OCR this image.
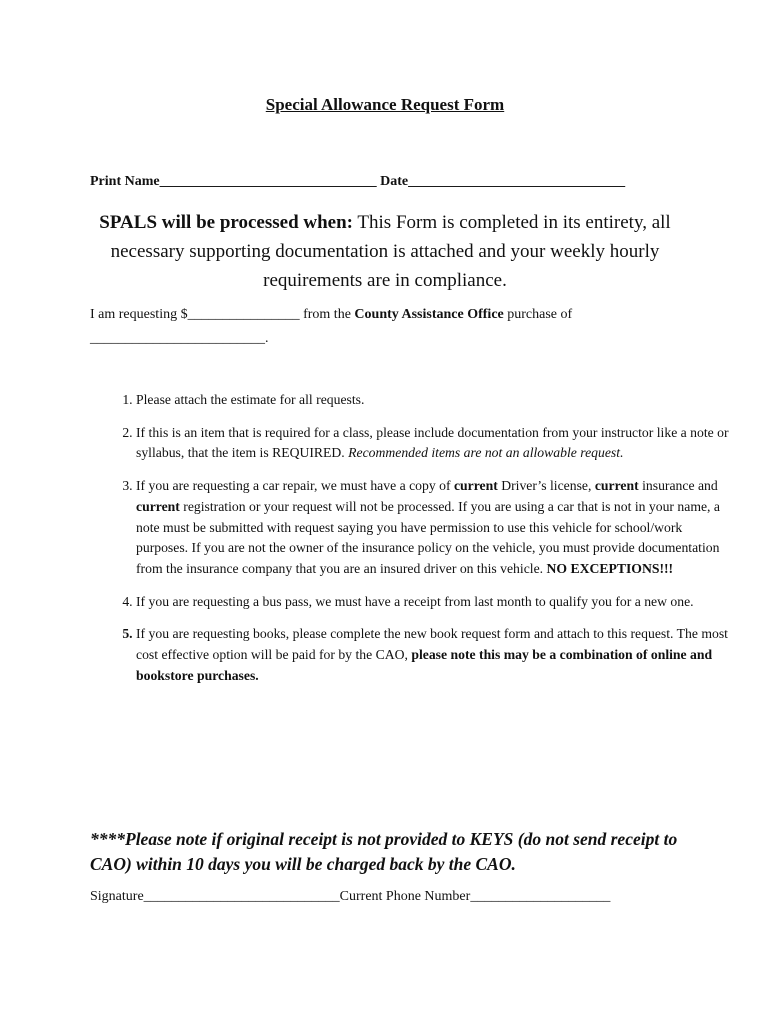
Special Allowance Request Form
Print Name_______________________________ Date_______________________________
SPALS will be processed when: This Form is completed in its entirety, all necessary supporting documentation is attached and your weekly hourly requirements are in compliance.
I am requesting $________________ from the County Assistance Office purchase of
_________________________.
1. Please attach the estimate for all requests.
2. If this is an item that is required for a class, please include documentation from your instructor like a note or syllabus, that the item is REQUIRED. Recommended items are not an allowable request.
3. If you are requesting a car repair, we must have a copy of current Driver’s license, current insurance and current registration or your request will not be processed. If you are using a car that is not in your name, a note must be submitted with request saying you have permission to use this vehicle for school/work purposes. If you are not the owner of the insurance policy on the vehicle, you must provide documentation from the insurance company that you are an insured driver on this vehicle. NO EXCEPTIONS!!!
4. If you are requesting a bus pass, we must have a receipt from last month to qualify you for a new one.
5. If you are requesting books, please complete the new book request form and attach to this request. The most cost effective option will be paid for by the CAO, please note this may be a combination of online and bookstore purchases.
****Please note if original receipt is not provided to KEYS (do not send receipt to CAO) within 10 days you will be charged back by the CAO.
Signature____________________________Current Phone Number____________________
